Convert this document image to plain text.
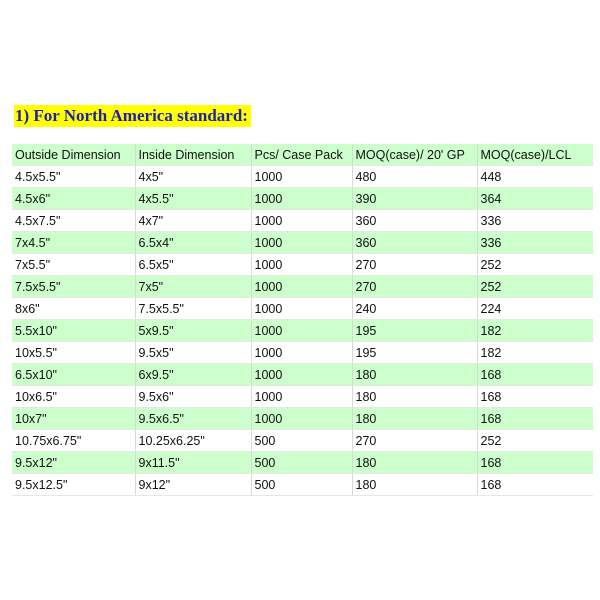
1) For North America standard:
Outside Dimension	Inside Dimension	Pcs/ Case Pack	MOQ(case)/ 20' GP	MOQ(case)/LCL
4.5x5.5"	4x5"	1000	480	448
4.5x6"	4x5.5"	1000	390	364
4.5x7.5"	4x7"	1000	360	336
7x4.5"	6.5x4"	1000	360	336
7x5.5"	6.5x5"	1000	270	252
7.5x5.5"	7x5"	1000	270	252
8x6"	7.5x5.5"	1000	240	224
5.5x10"	5x9.5"	1000	195	182
10x5.5"	9.5x5"	1000	195	182
6.5x10"	6x9.5"	1000	180	168
10x6.5"	9.5x6"	1000	180	168
10x7"	9.5x6.5"	1000	180	168
10.75x6.75"	10.25x6.25"	500	270	252
9.5x12"	9x11.5"	500	180	168
9.5x12.5"	9x12"	500	180	168
